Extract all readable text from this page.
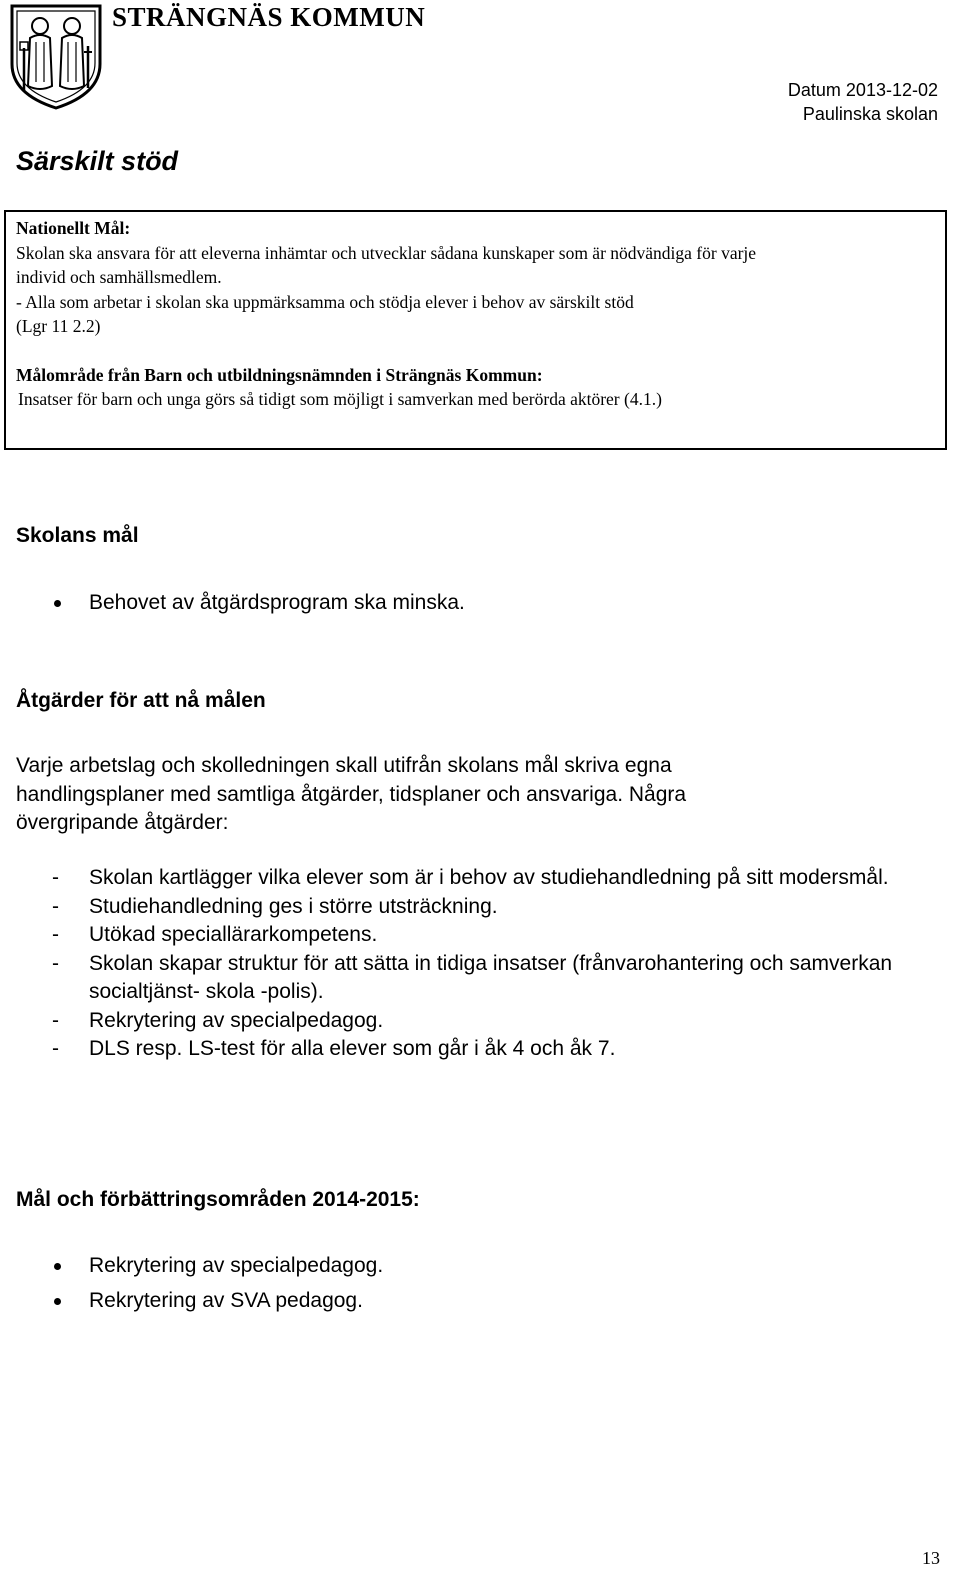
STRÄNGNÄS KOMMUN
Datum 2013-12-02
Paulinska skolan
Särskilt stöd
Nationellt Mål:
Skolan ska ansvara för att eleverna inhämtar och utvecklar sådana kunskaper som är nödvändiga för varje
individ och samhällsmedlem.
- Alla som arbetar i skolan ska uppmärksamma och stödja elever i behov av särskilt stöd
(Lgr 11 2.2)
Målområde från Barn och utbildningsnämnden i Strängnäs Kommun:
Insatser för barn och unga görs så tidigt som möjligt i samverkan med berörda aktörer (4.1.)
Skolans mål
Behovet av åtgärdsprogram ska minska.
Åtgärder för att nå målen
Varje arbetslag och skolledningen skall utifrån skolans mål skriva egna
handlingsplaner med samtliga åtgärder, tidsplaner och ansvariga. Några
övergripande åtgärder:
- Skolan kartlägger vilka elever som är i behov av studiehandledning på sitt modersmål.
- Studiehandledning ges i större utsträckning.
- Utökad speciallärarkompetens.
- Skolan skapar struktur för att sätta in tidiga insatser (frånvarohantering och samverkan socialtjänst- skola -polis).
- Rekrytering av specialpedagog.
- DLS resp. LS-test för alla elever som går i åk 4 och åk 7.
Mål och förbättringsområden 2014-2015:
Rekrytering av specialpedagog.
Rekrytering av SVA pedagog.
13
